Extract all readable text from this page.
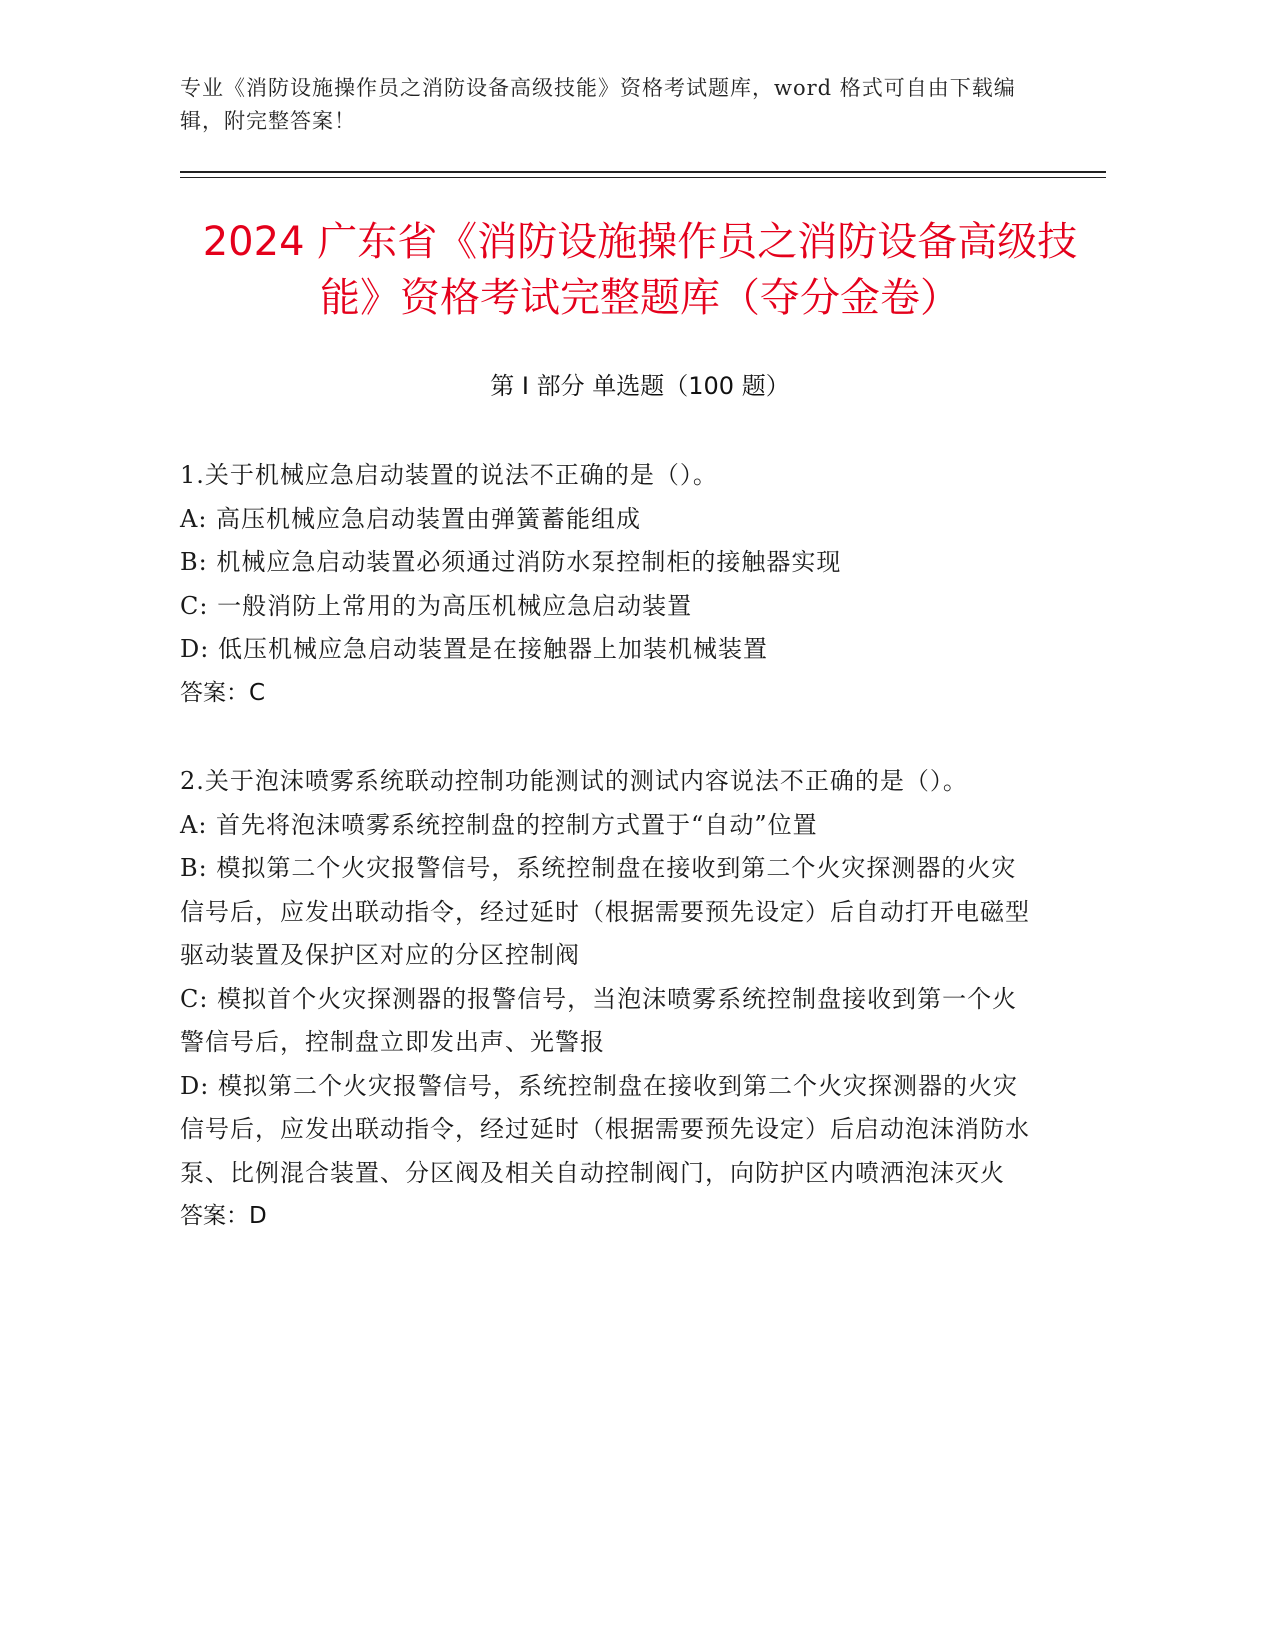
专业《消防设施操作员之消防设备高级技能》资格考试题库，word 格式可自由下载编辑，附完整答案！
2024 广东省《消防设施操作员之消防设备高级技能》资格考试完整题库（夺分金卷）
第 I 部分 单选题（100 题）

1.关于机械应急启动装置的说法不正确的是（）。

A: 高压机械应急启动装置由弹簧蓄能组成

B: 机械应急启动装置必须通过消防水泵控制柜的接触器实现

C: 一般消防上常用的为高压机械应急启动装置

D: 低压机械应急启动装置是在接触器上加装机械装置

答案：C

2.关于泡沫喷雾系统联动控制功能测试的测试内容说法不正确的是（）。

A: 首先将泡沫喷雾系统控制盘的控制方式置于“自动”位置

B: 模拟第二个火灾报警信号，系统控制盘在接收到第二个火灾探测器的火灾信号后，应发出联动指令，经过延时（根据需要预先设定）后自动打开电磁型驱动装置及保护区对应的分区控制阀

C: 模拟首个火灾探测器的报警信号，当泡沫喷雾系统控制盘接收到第一个火警信号后，控制盘立即发出声、光警报

D: 模拟第二个火灾报警信号，系统控制盘在接收到第二个火灾探测器的火灾信号后，应发出联动指令，经过延时（根据需要预先设定）后启动泡沫消防水泵、比例混合装置、分区阀及相关自动控制阀门，向防护区内喷洒泡沫灭火

答案：D
